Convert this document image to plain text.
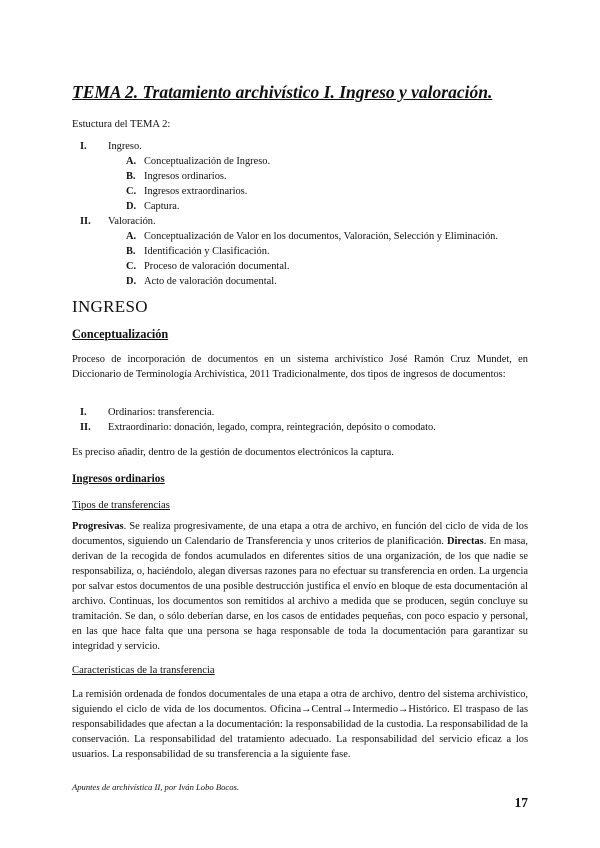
TEMA 2. Tratamiento archivístico I. Ingreso y valoración.
Estuctura del TEMA 2:
I. Ingreso.
A. Conceptualización de Ingreso.
B. Ingresos ordinarios.
C. Ingresos extraordinarios.
D. Captura.
II. Valoración.
A. Conceptualización de Valor en los documentos, Valoración, Selección y Eliminación.
B. Identificación y Clasificación.
C. Proceso de valoración documental.
D. Acto de valoración documental.
INGRESO
Conceptualización

Proceso de incorporación de documentos en un sistema archivístico José Ramón Cruz Mundet, en Diccionario de Terminología Archivística, 2011 Tradicionalmente, dos tipos de ingresos de documentos:

I. Ordinarios: transferencia.
II. Extraordinario: donación, legado, compra, reintegración, depósito o comodato.

Es preciso añadir, dentro de la gestión de documentos electrónicos la captura.

Ingresos ordinarios
Tipos de transferencias

Progresivas. Se realiza progresivamente, de una etapa a otra de archivo, en función del ciclo de vida de los documentos, siguiendo un Calendario de Transferencia y unos criterios de planificación. Directas. En masa, derivan de la recogida de fondos acumulados en diferentes sitios de una organización, de los que nadie se responsabiliza, o, haciéndolo, alegan diversas razones para no efectuar su transferencia en orden. La urgencia por salvar estos documentos de una posible destrucción justifica el envío en bloque de esta documentación al archivo. Continuas, los documentos son remitidos al archivo a medida que se producen, según concluye su tramitación. Se dan, o sólo deberían darse, en los casos de entidades pequeñas, con poco espacio y personal, en las que hace falta que una persona se haga responsable de toda la documentación para garantizar su integridad y servicio.

Características de la transferencia

La remisión ordenada de fondos documentales de una etapa a otra de archivo, dentro del sistema archivístico, siguiendo el ciclo de vida de los documentos. Oficina→Central→Intermedio→Histórico. El traspaso de las responsabilidades que afectan a la documentación: la responsabilidad de la custodia. La responsabilidad de la conservación. La responsabilidad del tratamiento adecuado. La responsabilidad del servicio eficaz a los usuarios. La responsabilidad de su transferencia a la siguiente fase.

Apuntes de archivística II, por Iván Lobo Bocos.
17
